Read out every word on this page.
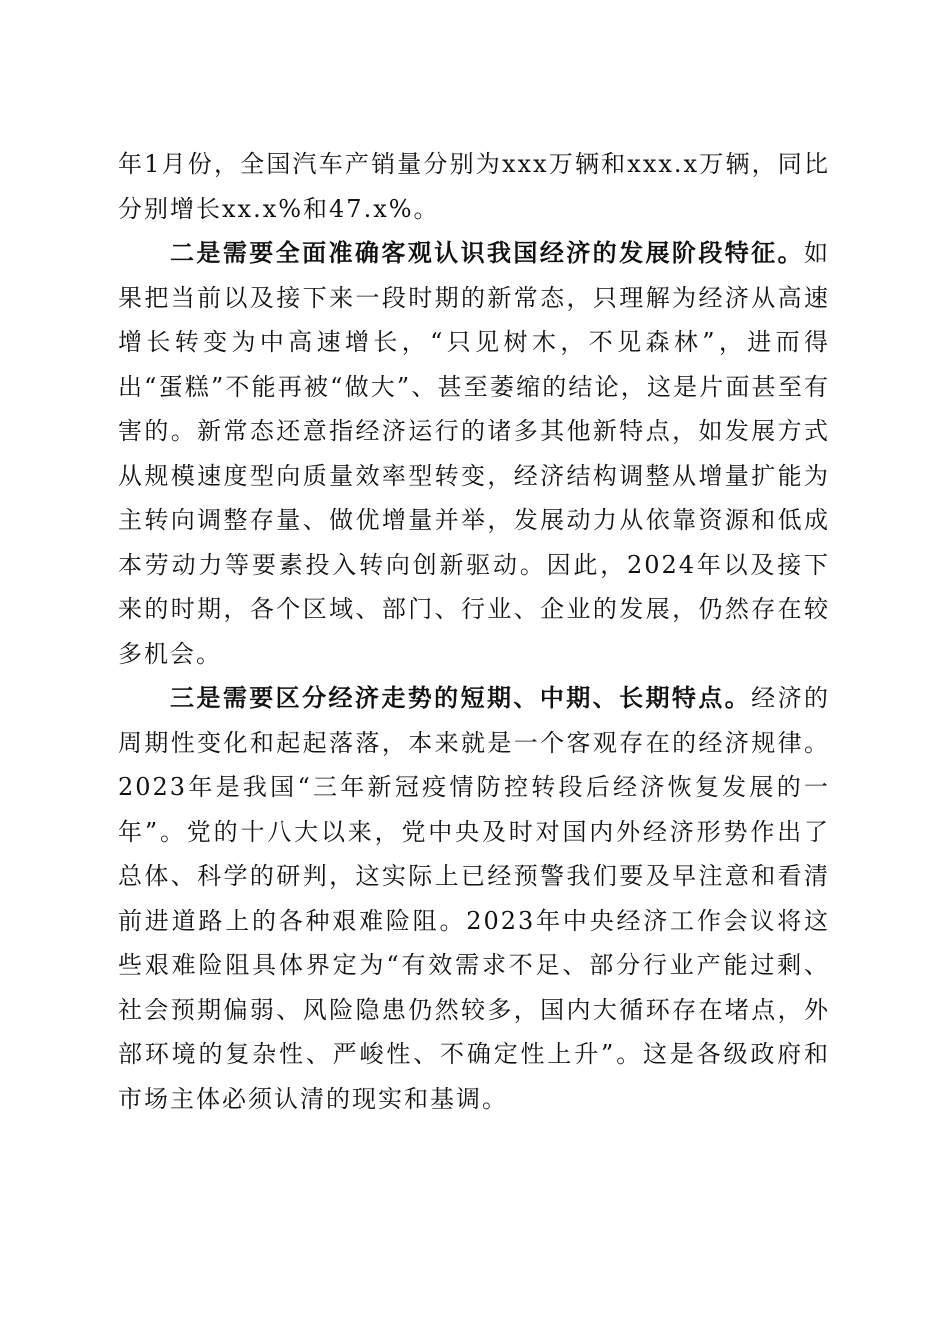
年1月份，全国汽车产销量分别为xxx万辆和xxx.x万辆，同比分别增长xx.x%和47.x%。

二是需要全面准确客观认识我国经济的发展阶段特征。如果把当前以及接下来一段时期的新常态，只理解为经济从高速增长转变为中高速增长，“只见树木，不见森林”，进而得出“蛋糕”不能再被“做大”、甚至萎缩的结论，这是片面甚至有害的。新常态还意指经济运行的诸多其他新特点，如发展方式从规模速度型向质量效率型转变，经济结构调整从增量扩能为主转向调整存量、做优增量并举，发展动力从依靠资源和低成本劳动力等要素投入转向创新驱动。因此，2024年以及接下来的时期，各个区域、部门、行业、企业的发展，仍然存在较多机会。

三是需要区分经济走势的短期、中期、长期特点。经济的周期性变化和起起落落，本来就是一个客观存在的经济规律。2023年是我国“三年新冠疫情防控转段后经济恢复发展的一年”。党的十八大以来，党中央及时对国内外经济形势作出了总体、科学的研判，这实际上已经预警我们要及早注意和看清前进道路上的各种艰难险阻。2023年中央经济工作会议将这些艰难险阻具体界定为“有效需求不足、部分行业产能过剩、社会预期偏弱、风险隐患仍然较多，国内大循环存在堵点，外部环境的复杂性、严峻性、不确定性上升”。这是各级政府和市场主体必须认清的现实和基调。
